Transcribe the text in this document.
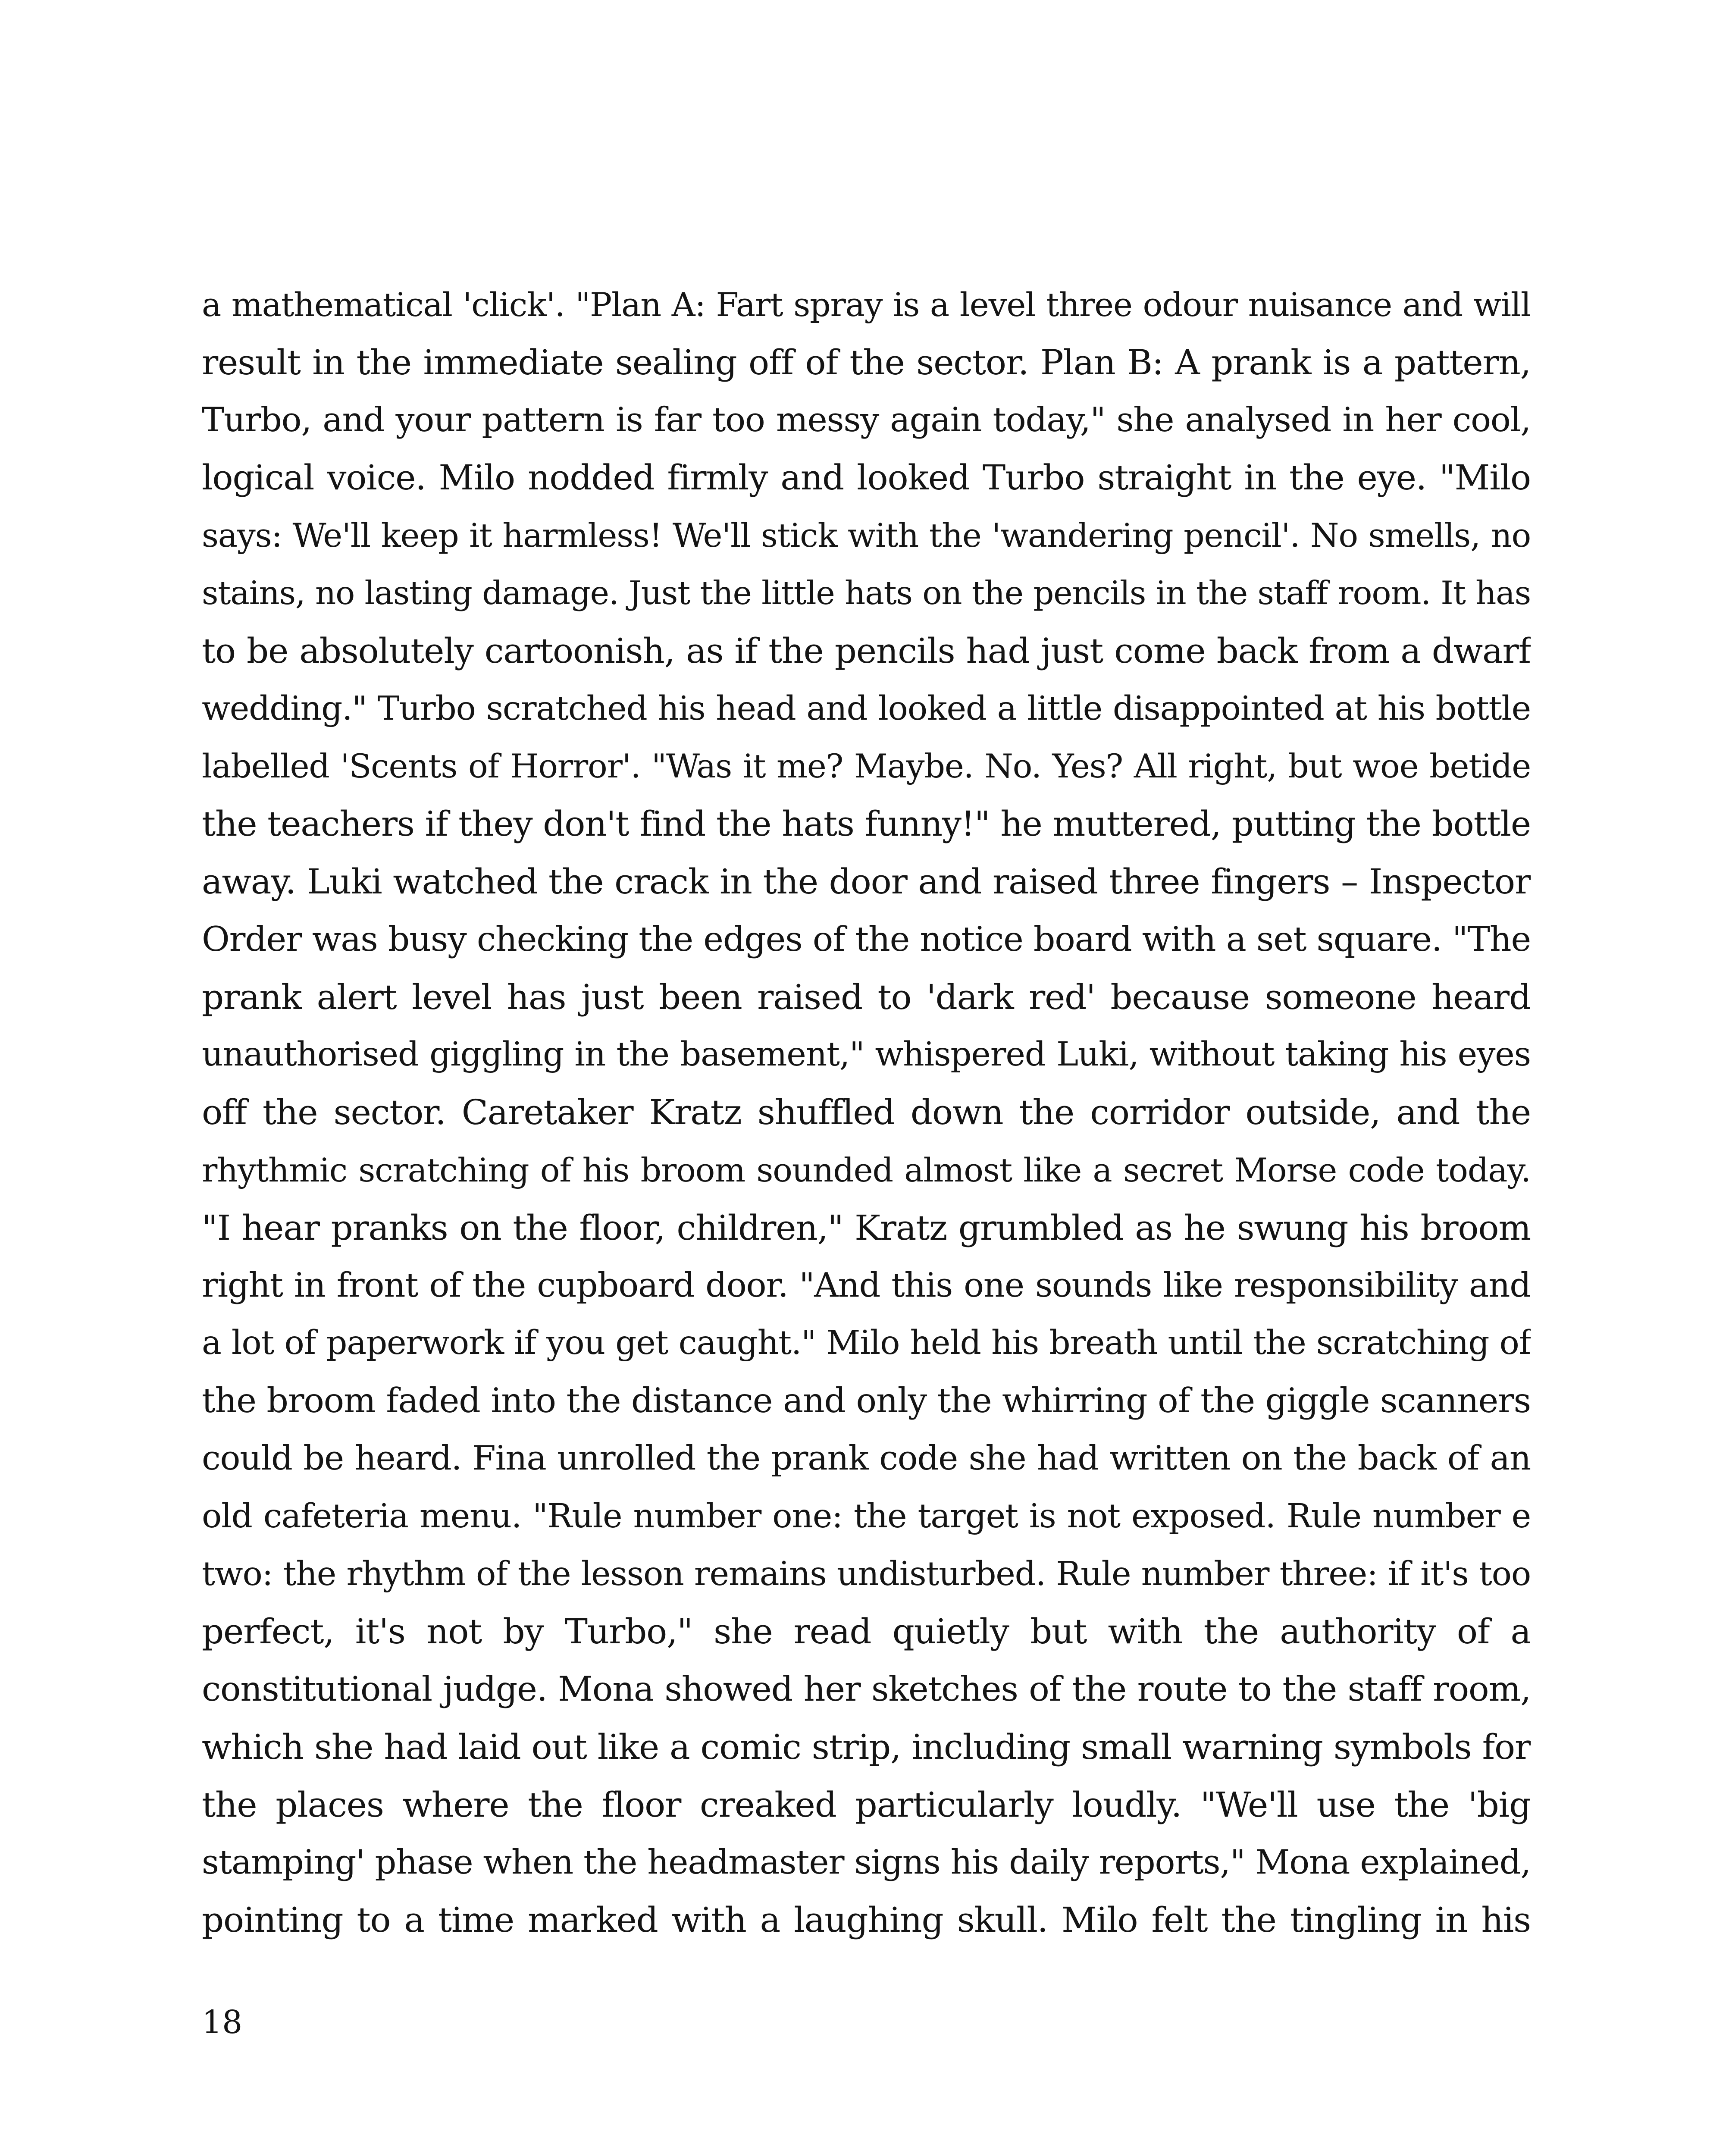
a mathematical 'click'. "Plan A: Fart spray is a level three odour nuisance and will
result in the immediate sealing off of the sector. Plan B: A prank is a pattern,
Turbo, and your pattern is far too messy again today," she analysed in her cool,
logical voice. Milo nodded firmly and looked Turbo straight in the eye. "Milo
says: We'll keep it harmless! We'll stick with the 'wandering pencil'. No smells, no
stains, no lasting damage. Just the little hats on the pencils in the staff room. It has
to be absolutely cartoonish, as if the pencils had just come back from a dwarf
wedding." Turbo scratched his head and looked a little disappointed at his bottle
labelled 'Scents of Horror'. "Was it me? Maybe. No. Yes? All right, but woe betide
the teachers if they don't find the hats funny!" he muttered, putting the bottle
away. Luki watched the crack in the door and raised three fingers – Inspector
Order was busy checking the edges of the notice board with a set square. "The
prank alert level has just been raised to 'dark red' because someone heard
unauthorised giggling in the basement," whispered Luki, without taking his eyes
off the sector. Caretaker Kratz shuffled down the corridor outside, and the
rhythmic scratching of his broom sounded almost like a secret Morse code today.
"I hear pranks on the floor, children," Kratz grumbled as he swung his broom
right in front of the cupboard door. "And this one sounds like responsibility and
a lot of paperwork if you get caught." Milo held his breath until the scratching of
the broom faded into the distance and only the whirring of the giggle scanners
could be heard. Fina unrolled the prank code she had written on the back of an
old cafeteria menu. "Rule number one: the target is not exposed. Rule number e
two: the rhythm of the lesson remains undisturbed. Rule number three: if it's too
perfect, it's not by Turbo," she read quietly but with the authority of a
constitutional judge. Mona showed her sketches of the route to the staff room,
which she had laid out like a comic strip, including small warning symbols for
the places where the floor creaked particularly loudly. "We'll use the 'big
stamping' phase when the headmaster signs his daily reports," Mona explained,
pointing to a time marked with a laughing skull. Milo felt the tingling in his
18
